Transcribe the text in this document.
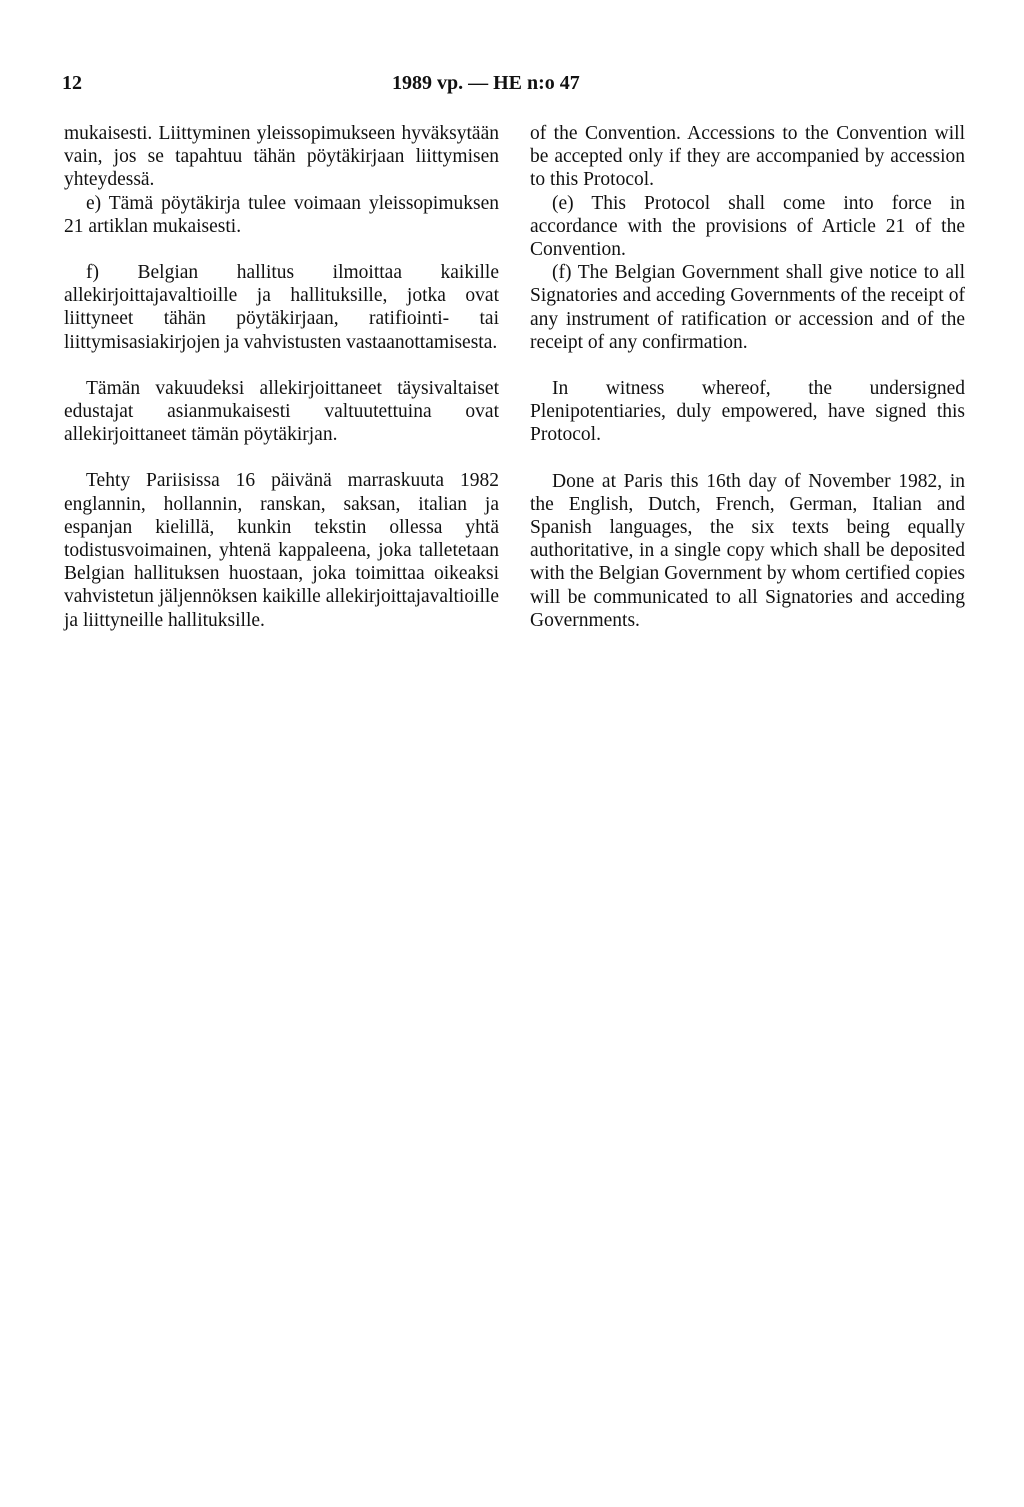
12	1989 vp. — HE n:o 47

mukaisesti. Liittyminen yleissopimukseen hyväksytään vain, jos se tapahtuu tähän pöytäkirjaan liittymisen yhteydessä.

e) Tämä pöytäkirja tulee voimaan yleissopimuksen 21 artiklan mukaisesti.

f) Belgian hallitus ilmoittaa kaikille allekirjoittajavaltioille ja hallituksille, jotka ovat liittyneet tähän pöytäkirjaan, ratifiointi- tai liittymisasiakirjojen ja vahvistusten vastaanottamisesta.

Tämän vakuudeksi allekirjoittaneet täysivaltaiset edustajat asianmukaisesti valtuutettuina ovat allekirjoittaneet tämän pöytäkirjan.

Tehty Pariisissa 16 päivänä marraskuuta 1982 englannin, hollannin, ranskan, saksan, italian ja espanjan kielillä, kunkin tekstin ollessa yhtä todistusvoimainen, yhtenä kappaleena, joka talletetaan Belgian hallituksen huostaan, joka toimittaa oikeaksi vahvistetun jäljennöksen kaikille allekirjoittajavaltioille ja liittyneille hallituksille.

of the Convention. Accessions to the Convention will be accepted only if they are accompanied by accession to this Protocol.

(e) This Protocol shall come into force in accordance with the provisions of Article 21 of the Convention.

(f) The Belgian Government shall give notice to all Signatories and acceding Governments of the receipt of any instrument of ratification or accession and of the receipt of any confirmation.

In witness whereof, the undersigned Plenipotentiaries, duly empowered, have signed this Protocol.

Done at Paris this 16th day of November 1982, in the English, Dutch, French, German, Italian and Spanish languages, the six texts being equally authoritative, in a single copy which shall be deposited with the Belgian Government by whom certified copies will be communicated to all Signatories and acceding Governments.
